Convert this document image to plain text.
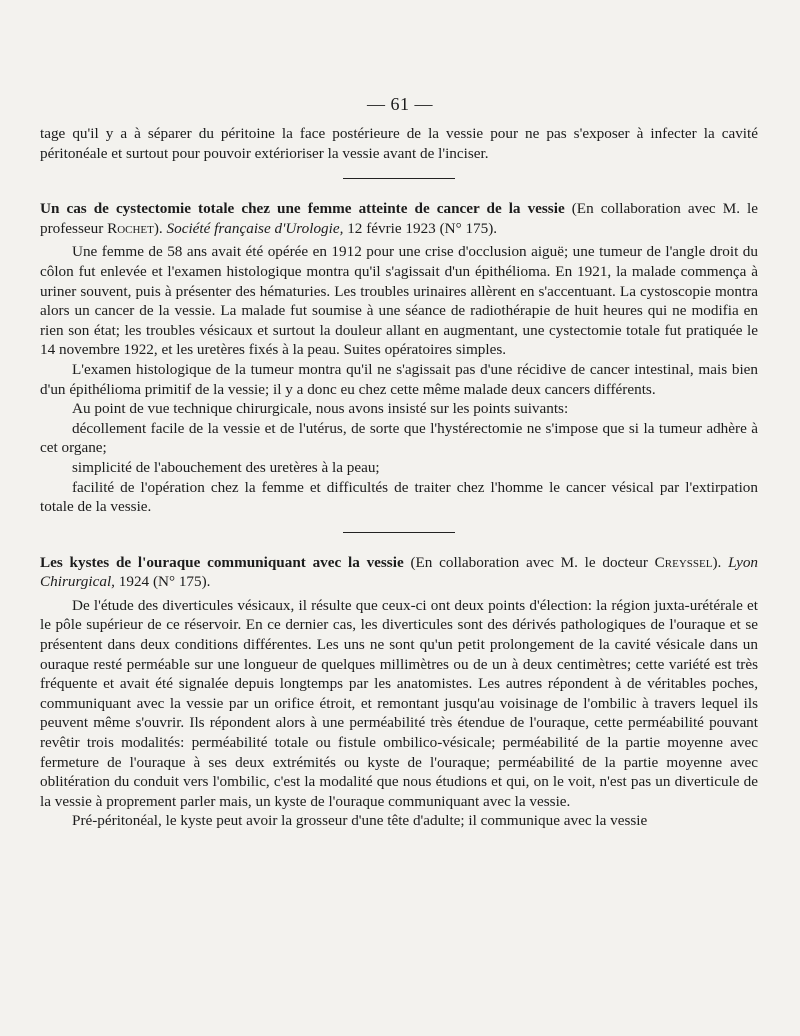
— 61 —

tage qu'il y a à séparer du péritoine la face postérieure de la vessie pour ne pas s'exposer à infecter la cavité péritonéale et surtout pour pouvoir extérioriser la vessie avant de l'inciser.

Un cas de cystectomie totale chez une femme atteinte de cancer de la vessie (En collaboration avec M. le professeur Rochet). Société française d'Urologie, 12 févrie 1923 (N° 175).

Une femme de 58 ans avait été opérée en 1912 pour une crise d'occlusion aiguë; une tumeur de l'angle droit du côlon fut enlevée et l'examen histologique montra qu'il s'agissait d'un épithélioma. En 1921, la malade commença à uriner souvent, puis à présenter des hématuries. Les troubles urinaires allèrent en s'accentuant. La cystoscopie montra alors un cancer de la vessie. La malade fut soumise à une séance de radiothérapie de huit heures qui ne modifia en rien son état; les troubles vésicaux et surtout la douleur allant en augmentant, une cystectomie totale fut pratiquée le 14 novembre 1922, et les uretères fixés à la peau. Suites opératoires simples.

L'examen histologique de la tumeur montra qu'il ne s'agissait pas d'une récidive de cancer intestinal, mais bien d'un épithélioma primitif de la vessie; il y a donc eu chez cette même malade deux cancers différents.

Au point de vue technique chirurgicale, nous avons insisté sur les points suivants:

décollement facile de la vessie et de l'utérus, de sorte que l'hystérectomie ne s'impose que si la tumeur adhère à cet organe;

simplicité de l'abouchement des uretères à la peau;

facilité de l'opération chez la femme et difficultés de traiter chez l'homme le cancer vésical par l'extirpation totale de la vessie.

Les kystes de l'ouraque communiquant avec la vessie (En collaboration avec M. le docteur Creyssel). Lyon Chirurgical, 1924 (N° 175).

De l'étude des diverticules vésicaux, il résulte que ceux-ci ont deux points d'élection: la région juxta-urétérale et le pôle supérieur de ce réservoir. En ce dernier cas, les diverticules sont des dérivés pathologiques de l'ouraque et se présentent dans deux conditions différentes. Les uns ne sont qu'un petit prolongement de la cavité vésicale dans un ouraque resté perméable sur une longueur de quelques millimètres ou de un à deux centimètres; cette variété est très fréquente et avait été signalée depuis longtemps par les anatomistes. Les autres répondent à de véritables poches, communiquant avec la vessie par un orifice étroit, et remontant jusqu'au voisinage de l'ombilic à travers lequel ils peuvent même s'ouvrir. Ils répondent alors à une perméabilité très étendue de l'ouraque, cette perméabilité pouvant revêtir trois modalités: perméabilité totale ou fistule ombilico-vésicale; perméabilité de la partie moyenne avec fermeture de l'ouraque à ses deux extrémités ou kyste de l'ouraque; perméabilité de la partie moyenne avec oblitération du conduit vers l'ombilic, c'est la modalité que nous étudions et qui, on le voit, n'est pas un diverticule de la vessie à proprement parler mais, un kyste de l'ouraque communiquant avec la vessie.

Pré-péritonéal, le kyste peut avoir la grosseur d'une tête d'adulte; il communique avec la vessie
